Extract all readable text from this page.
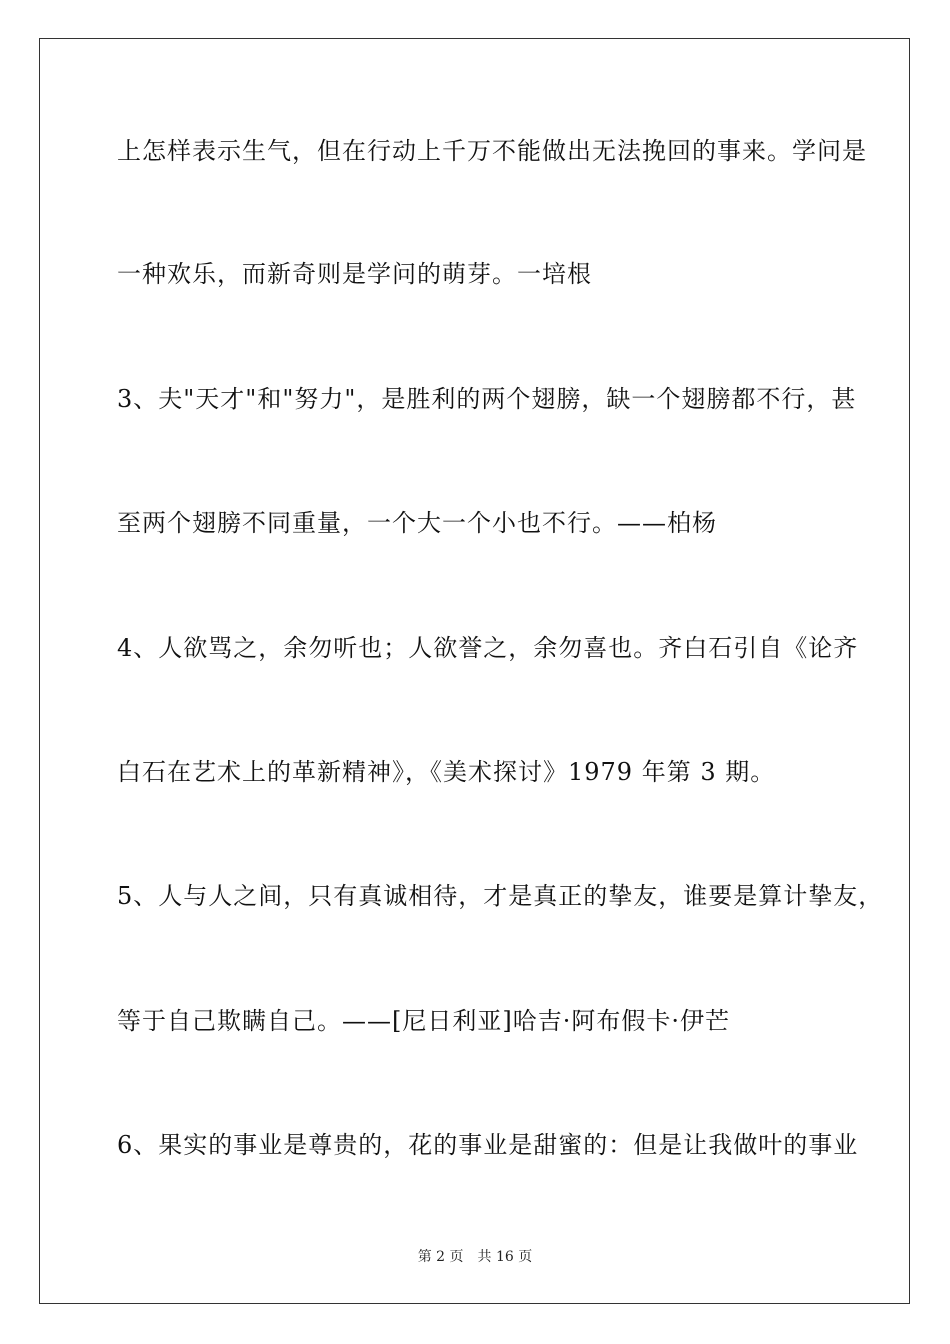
上怎样表示生气，但在行动上千万不能做出无法挽回的事来。学问是
一种欢乐，而新奇则是学问的萌芽。一培根
3、夫"天才"和"努力"，是胜利的两个翅膀，缺一个翅膀都不行，甚
至两个翅膀不同重量，一个大一个小也不行。——柏杨
4、人欲骂之，余勿听也；人欲誉之，余勿喜也。齐白石引自《论齐
白石在艺术上的革新精神》，《美术探讨》1979 年第 3 期。
5、人与人之间，只有真诚相待，才是真正的挚友，谁要是算计挚友，
等于自己欺瞒自己。——[尼日利亚]哈吉·阿布假卡·伊芒
6、果实的事业是尊贵的，花的事业是甜蜜的：但是让我做叶的事业
第 2 页 共 16 页
